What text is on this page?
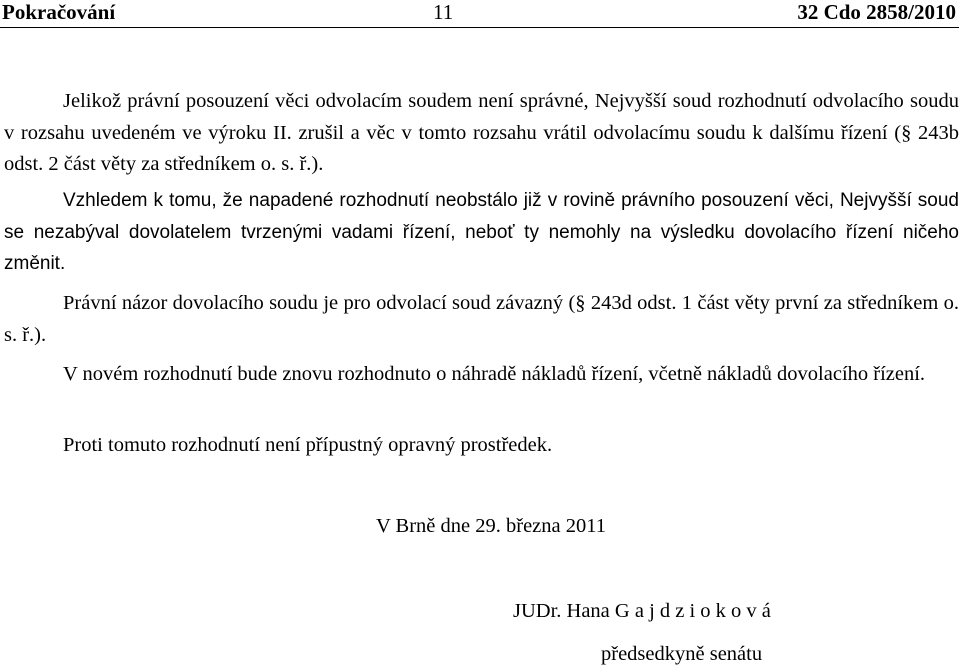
Pokračování	11	32 Cdo 2858/2010

Jelikož právní posouzení věci odvolacím soudem není správné, Nejvyšší soud rozhodnutí odvolacího soudu v rozsahu uvedeném ve výroku II. zrušil a věc v tomto rozsahu vrátil odvolacímu soudu k dalšímu řízení (§ 243b odst. 2 část věty za středníkem o. s. ř.).

Vzhledem k tomu, že napadené rozhodnutí neobstálo již v rovině právního posouzení věci, Nejvyšší soud se nezabýval dovolatelem tvrzenými vadami řízení, neboť ty nemohly na výsledku dovolacího řízení ničeho změnit.

Právní názor dovolacího soudu je pro odvolací soud závazný (§ 243d odst. 1 část věty první za středníkem o. s. ř.).

V novém rozhodnutí bude znovu rozhodnuto o náhradě nákladů řízení, včetně nákladů dovolacího řízení.

Proti tomuto rozhodnutí není přípustný opravný prostředek.

V Brně dne 29. března 2011
JUDr. Hana G a j d z i o k o v á
předsedkyně senátu
